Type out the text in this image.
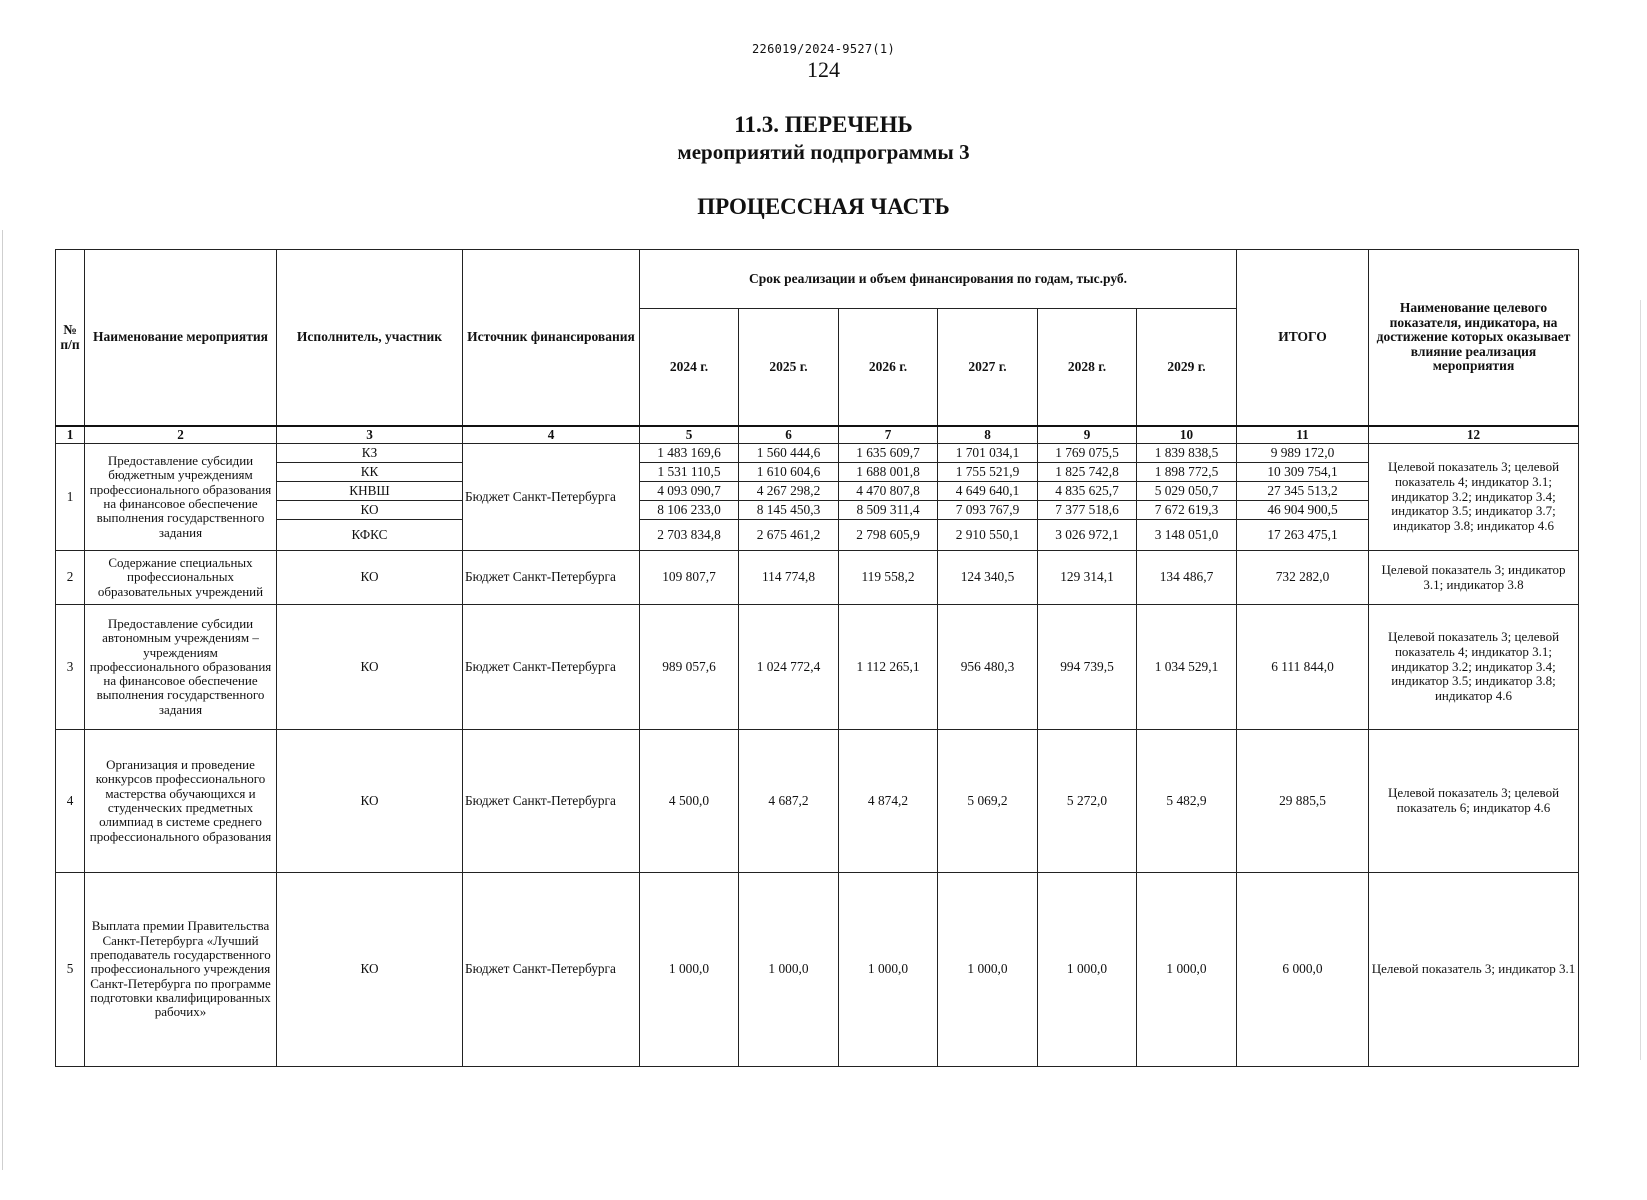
226019/2024-9527(1)
124
11.3. ПЕРЕЧЕНЬ
мероприятий подпрограммы 3
ПРОЦЕССНАЯ ЧАСТЬ
№ п/п	Наименование мероприятия	Исполнитель, участник	Источник финансирования	Срок реализации и объем финансирования по годам, тыс.руб.						ИТОГО	Наименование целевого показателя, индикатора, на достижение которых оказывает влияние реализация мероприятия
				2024 г.	2025 г.	2026 г.	2027 г.	2028 г.	2029 г.		
1	2	3	4	5	6	7	8	9	10	11	12
1	Предоставление субсидии бюджетным учреждениям профессионального образования на финансовое обеспечение выполнения государственного задания	КЗ	Бюджет Санкт-Петербурга	1 483 169,6	1 560 444,6	1 635 609,7	1 701 034,1	1 769 075,5	1 839 838,5	9 989 172,0	Целевой показатель 3; целевой показатель 4; индикатор 3.1; индикатор 3.2; индикатор 3.4; индикатор 3.5; индикатор 3.7; индикатор 3.8; индикатор 4.6
		КК		1 531 110,5	1 610 604,6	1 688 001,8	1 755 521,9	1 825 742,8	1 898 772,5	10 309 754,1	
		КНВШ		4 093 090,7	4 267 298,2	4 470 807,8	4 649 640,1	4 835 625,7	5 029 050,7	27 345 513,2	
		КО		8 106 233,0	8 145 450,3	8 509 311,4	7 093 767,9	7 377 518,6	7 672 619,3	46 904 900,5	
		КФКС		2 703 834,8	2 675 461,2	2 798 605,9	2 910 550,1	3 026 972,1	3 148 051,0	17 263 475,1	
2	Содержание специальных профессиональных образовательных учреждений	КО	Бюджет Санкт-Петербурга	109 807,7	114 774,8	119 558,2	124 340,5	129 314,1	134 486,7	732 282,0	Целевой показатель 3; индикатор 3.1; индикатор 3.8
3	Предоставление субсидии автономным учреждениям – учреждениям профессионального образования на финансовое обеспечение выполнения государственного задания	КО	Бюджет Санкт-Петербурга	989 057,6	1 024 772,4	1 112 265,1	956 480,3	994 739,5	1 034 529,1	6 111 844,0	Целевой показатель 3; целевой показатель 4; индикатор 3.1; индикатор 3.2; индикатор 3.4; индикатор 3.5; индикатор 3.8; индикатор 4.6
4	Организация и проведение конкурсов профессионального мастерства обучающихся и студенческих предметных олимпиад в системе среднего профессионального образования	КО	Бюджет Санкт-Петербурга	4 500,0	4 687,2	4 874,2	5 069,2	5 272,0	5 482,9	29 885,5	Целевой показатель 3; целевой показатель 6; индикатор 4.6
5	Выплата премии Правительства Санкт-Петербурга «Лучший преподаватель государственного профессионального учреждения Санкт-Петербурга по программе подготовки квалифицированных рабочих»	КО	Бюджет Санкт-Петербурга	1 000,0	1 000,0	1 000,0	1 000,0	1 000,0	1 000,0	6 000,0	Целевой показатель 3; индикатор 3.1
